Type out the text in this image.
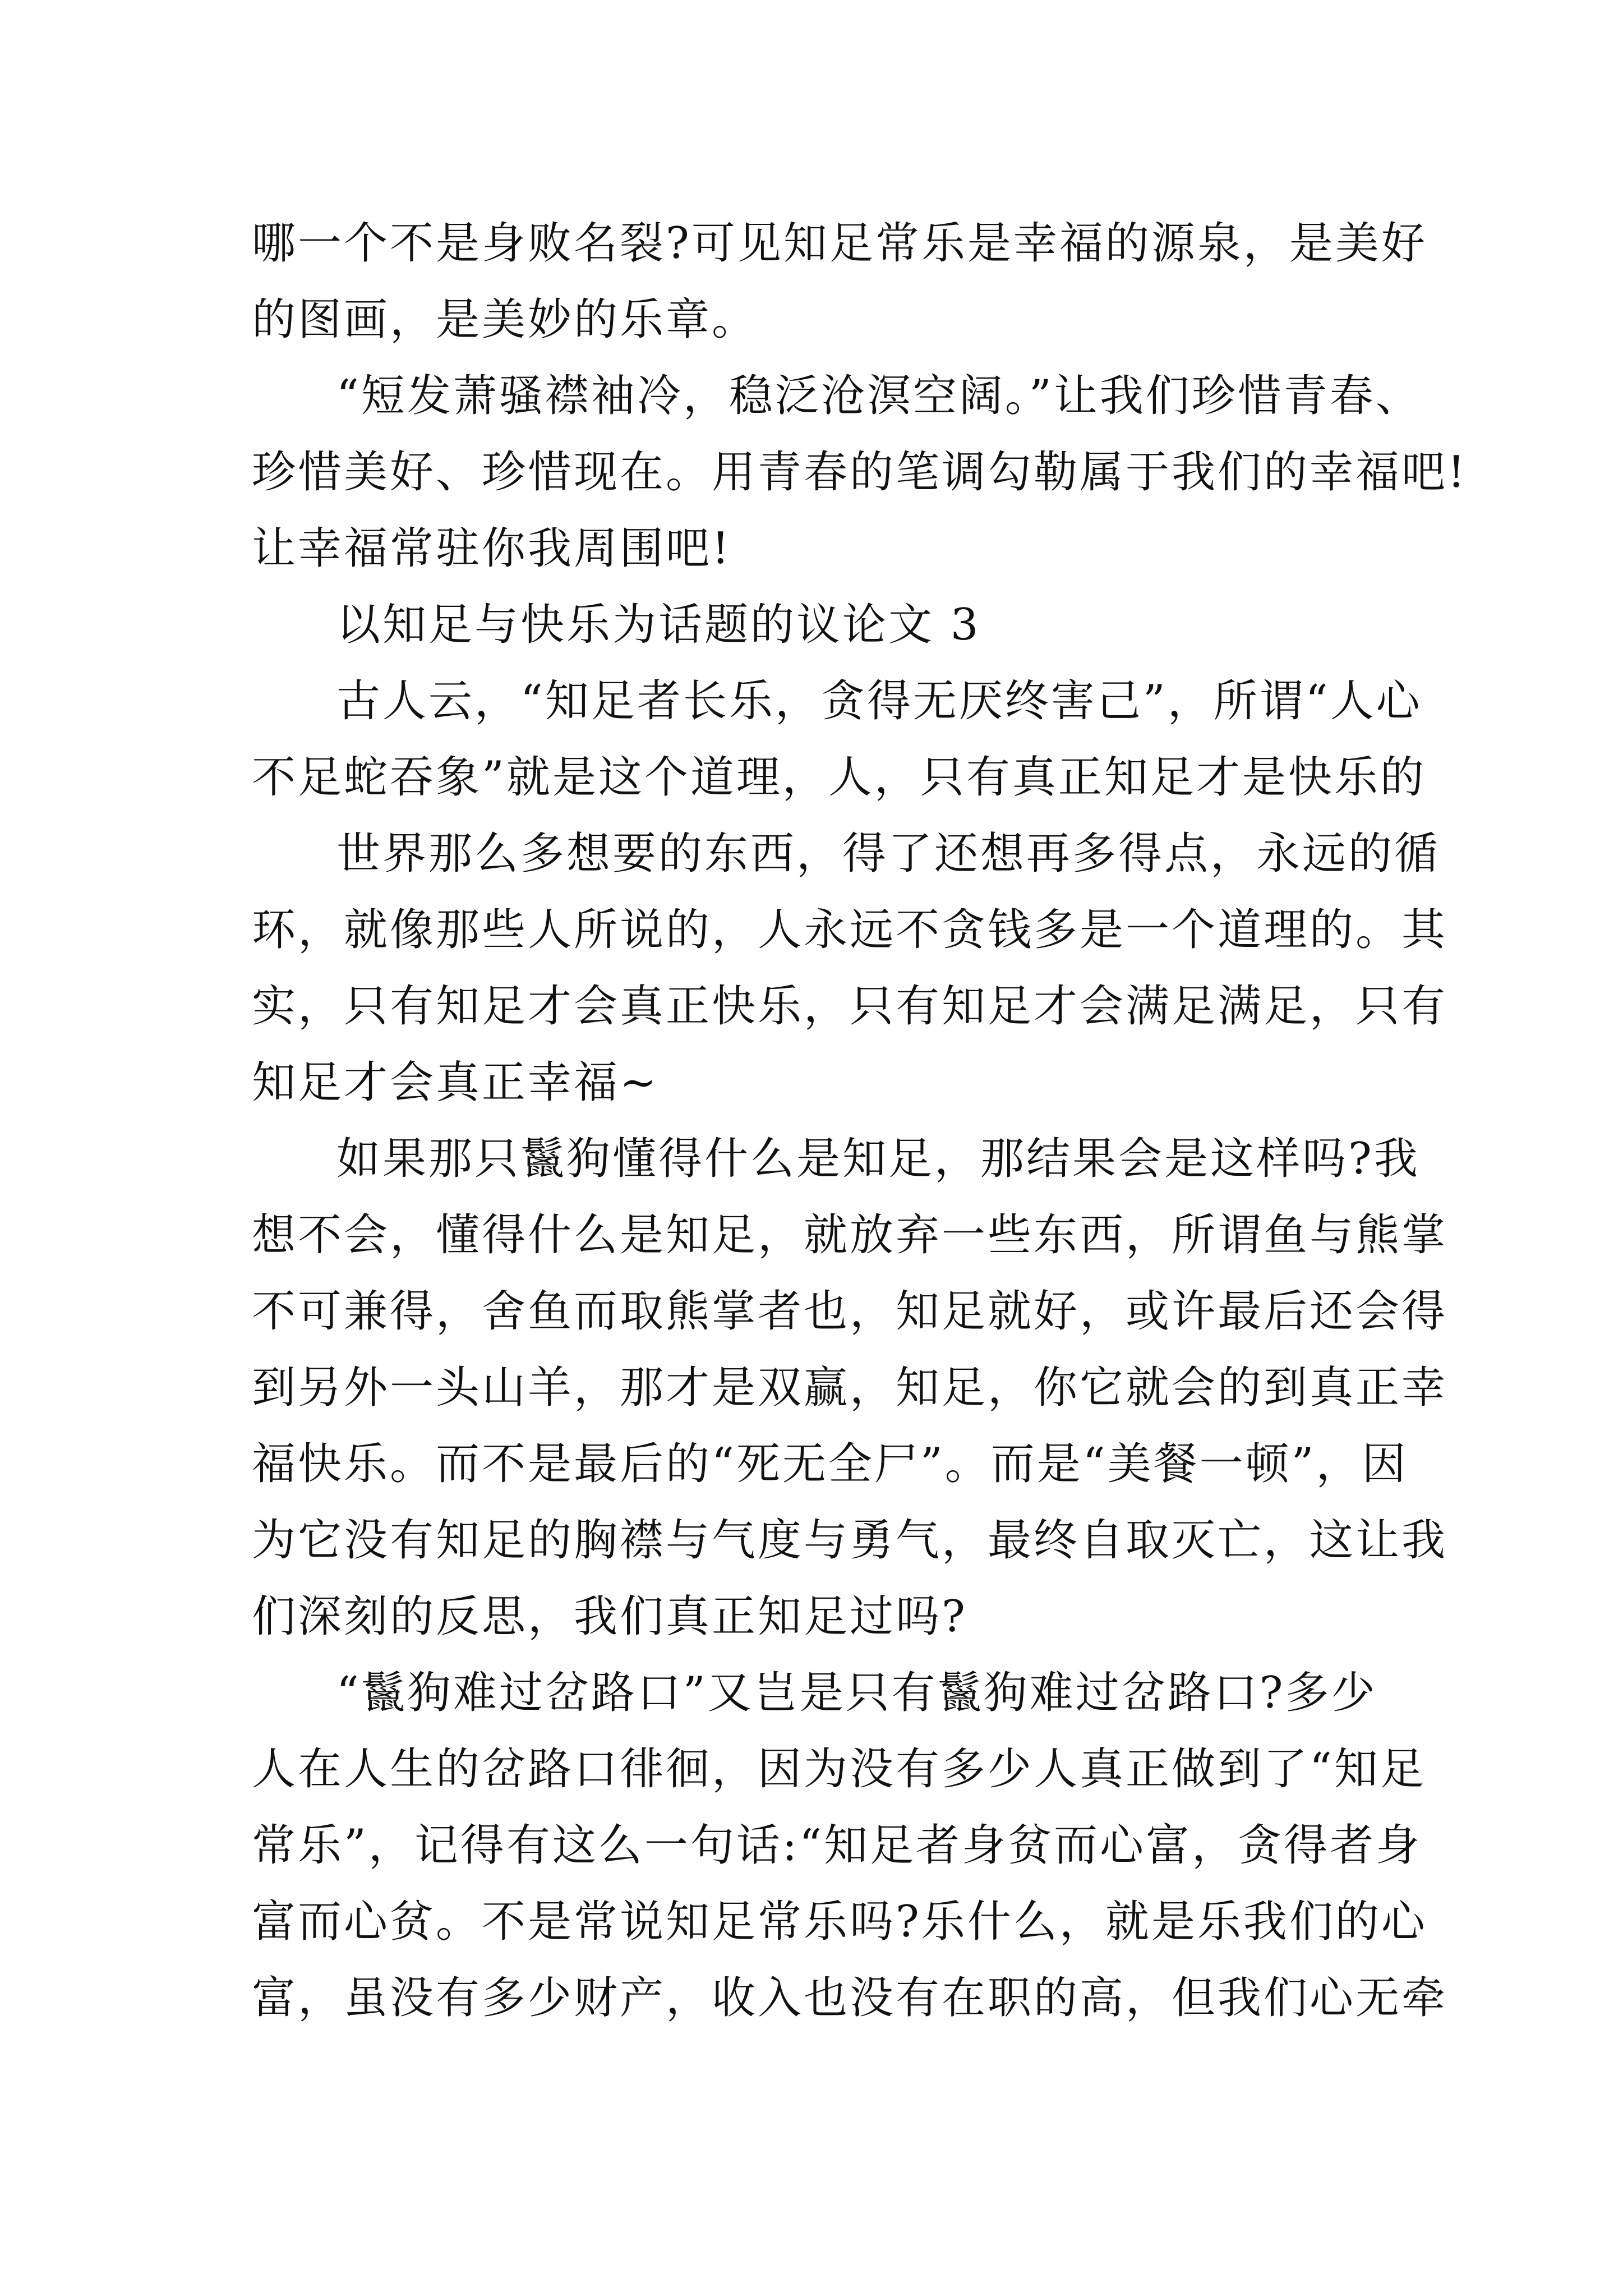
哪一个不是身败名裂?可见知足常乐是幸福的源泉，是美好
的图画，是美妙的乐章。
“短发萧骚襟袖冷，稳泛沧溟空阔。”让我们珍惜青春、
珍惜美好、珍惜现在。用青春的笔调勾勒属于我们的幸福吧!
让幸福常驻你我周围吧!
以知足与快乐为话题的议论文 3
古人云，“知足者长乐，贪得无厌终害己”，所谓“人心
不足蛇吞象”就是这个道理，人，只有真正知足才是快乐的
世界那么多想要的东西，得了还想再多得点，永远的循
环，就像那些人所说的，人永远不贪钱多是一个道理的。其
实，只有知足才会真正快乐，只有知足才会满足满足，只有
知足才会真正幸福~
如果那只鬣狗懂得什么是知足，那结果会是这样吗?我
想不会，懂得什么是知足，就放弃一些东西，所谓鱼与熊掌
不可兼得，舍鱼而取熊掌者也，知足就好，或许最后还会得
到另外一头山羊，那才是双赢，知足，你它就会的到真正幸
福快乐。而不是最后的“死无全尸”。而是“美餐一顿”，因
为它没有知足的胸襟与气度与勇气，最终自取灭亡，这让我
们深刻的反思，我们真正知足过吗?
“鬣狗难过岔路口”又岂是只有鬣狗难过岔路口?多少
人在人生的岔路口徘徊，因为没有多少人真正做到了“知足
常乐”，记得有这么一句话:“知足者身贫而心富，贪得者身
富而心贫。不是常说知足常乐吗?乐什么，就是乐我们的心
富，虽没有多少财产，收入也没有在职的高，但我们心无牵
